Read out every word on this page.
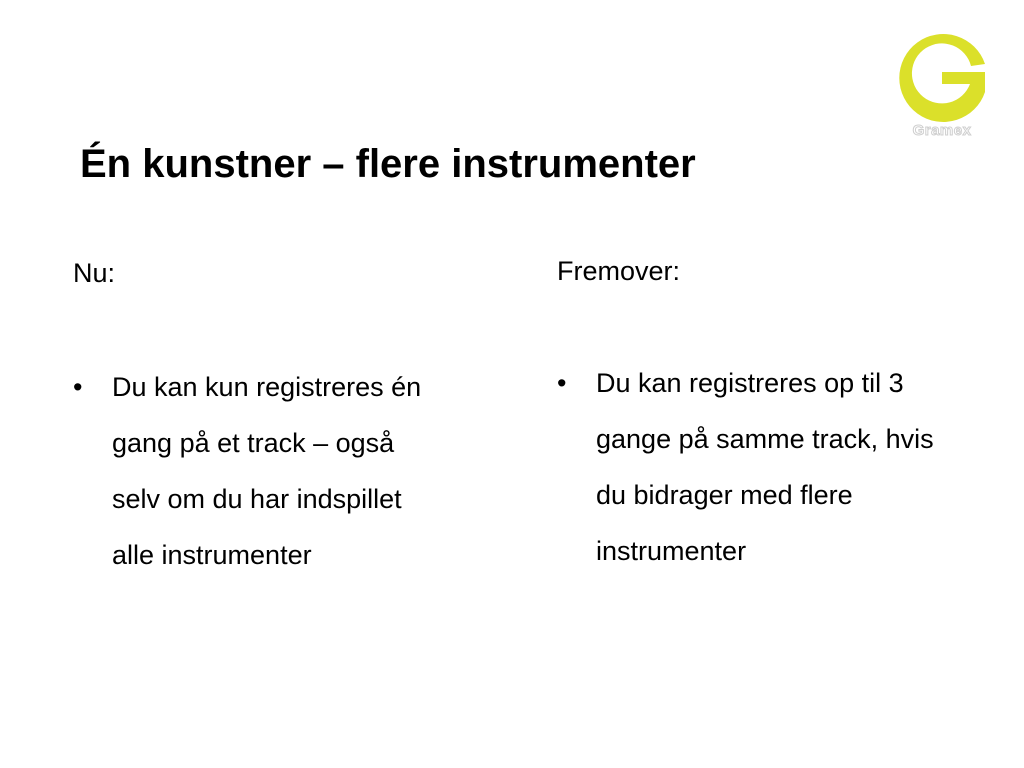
Gramex
Én kunstner – flere instrumenter

Nu:

• Du kan kun registreres én
gang på et track – også
selv om du har indspillet
alle instrumenter

Fremover:

• Du kan registreres op til 3
gange på samme track, hvis
du bidrager med flere
instrumenter
